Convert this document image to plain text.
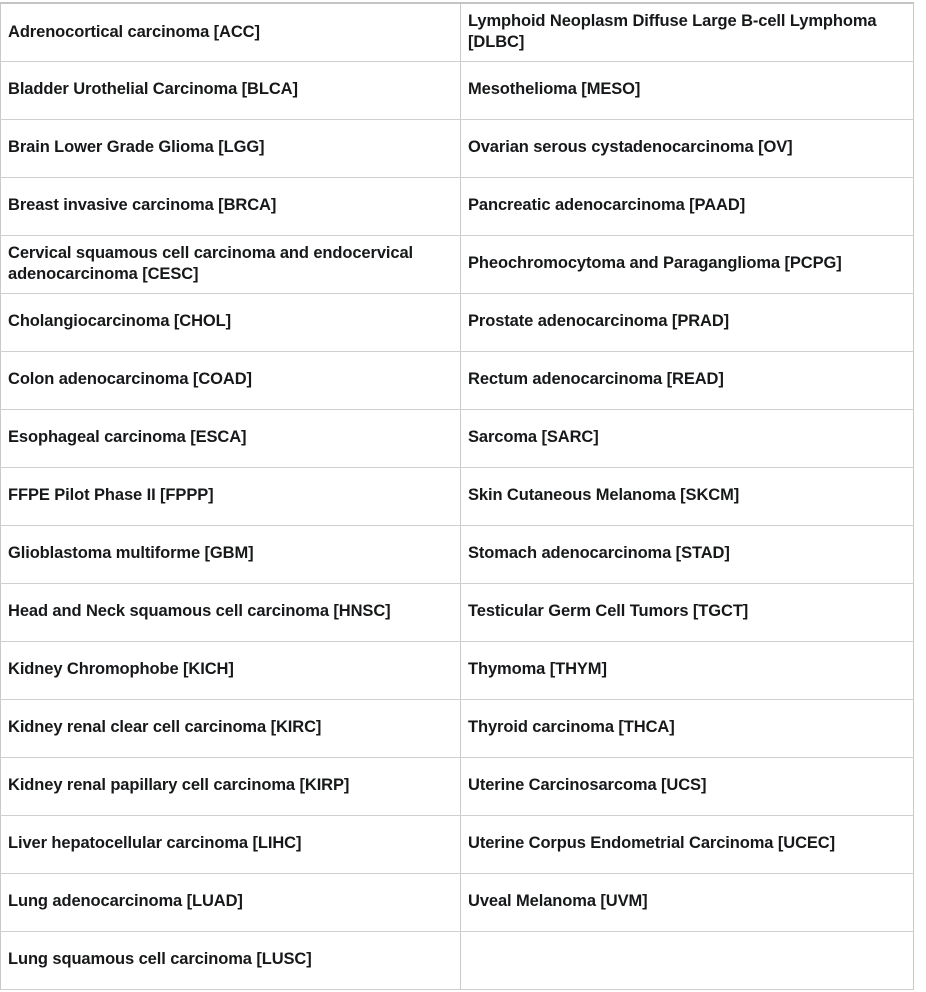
Adrenocortical carcinoma [ACC]	Lymphoid Neoplasm Diffuse Large B-cell Lymphoma [DLBC]

Bladder Urothelial Carcinoma [BLCA]	Mesothelioma [MESO]

Brain Lower Grade Glioma [LGG]	Ovarian serous cystadenocarcinoma [OV]

Breast invasive carcinoma [BRCA]	Pancreatic adenocarcinoma [PAAD]

Cervical squamous cell carcinoma and endocervical adenocarcinoma [CESC]	Pheochromocytoma and Paraganglioma [PCPG]

Cholangiocarcinoma [CHOL]	Prostate adenocarcinoma [PRAD]

Colon adenocarcinoma [COAD]	Rectum adenocarcinoma [READ]

Esophageal carcinoma [ESCA]	Sarcoma [SARC]

FFPE Pilot Phase II [FPPP]	Skin Cutaneous Melanoma [SKCM]

Glioblastoma multiforme [GBM]	Stomach adenocarcinoma [STAD]

Head and Neck squamous cell carcinoma [HNSC]	Testicular Germ Cell Tumors [TGCT]

Kidney Chromophobe [KICH]	Thymoma [THYM]

Kidney renal clear cell carcinoma [KIRC]	Thyroid carcinoma [THCA]

Kidney renal papillary cell carcinoma [KIRP]	Uterine Carcinosarcoma [UCS]

Liver hepatocellular carcinoma [LIHC]	Uterine Corpus Endometrial Carcinoma [UCEC]

Lung adenocarcinoma [LUAD]	Uveal Melanoma [UVM]

Lung squamous cell carcinoma [LUSC]	
